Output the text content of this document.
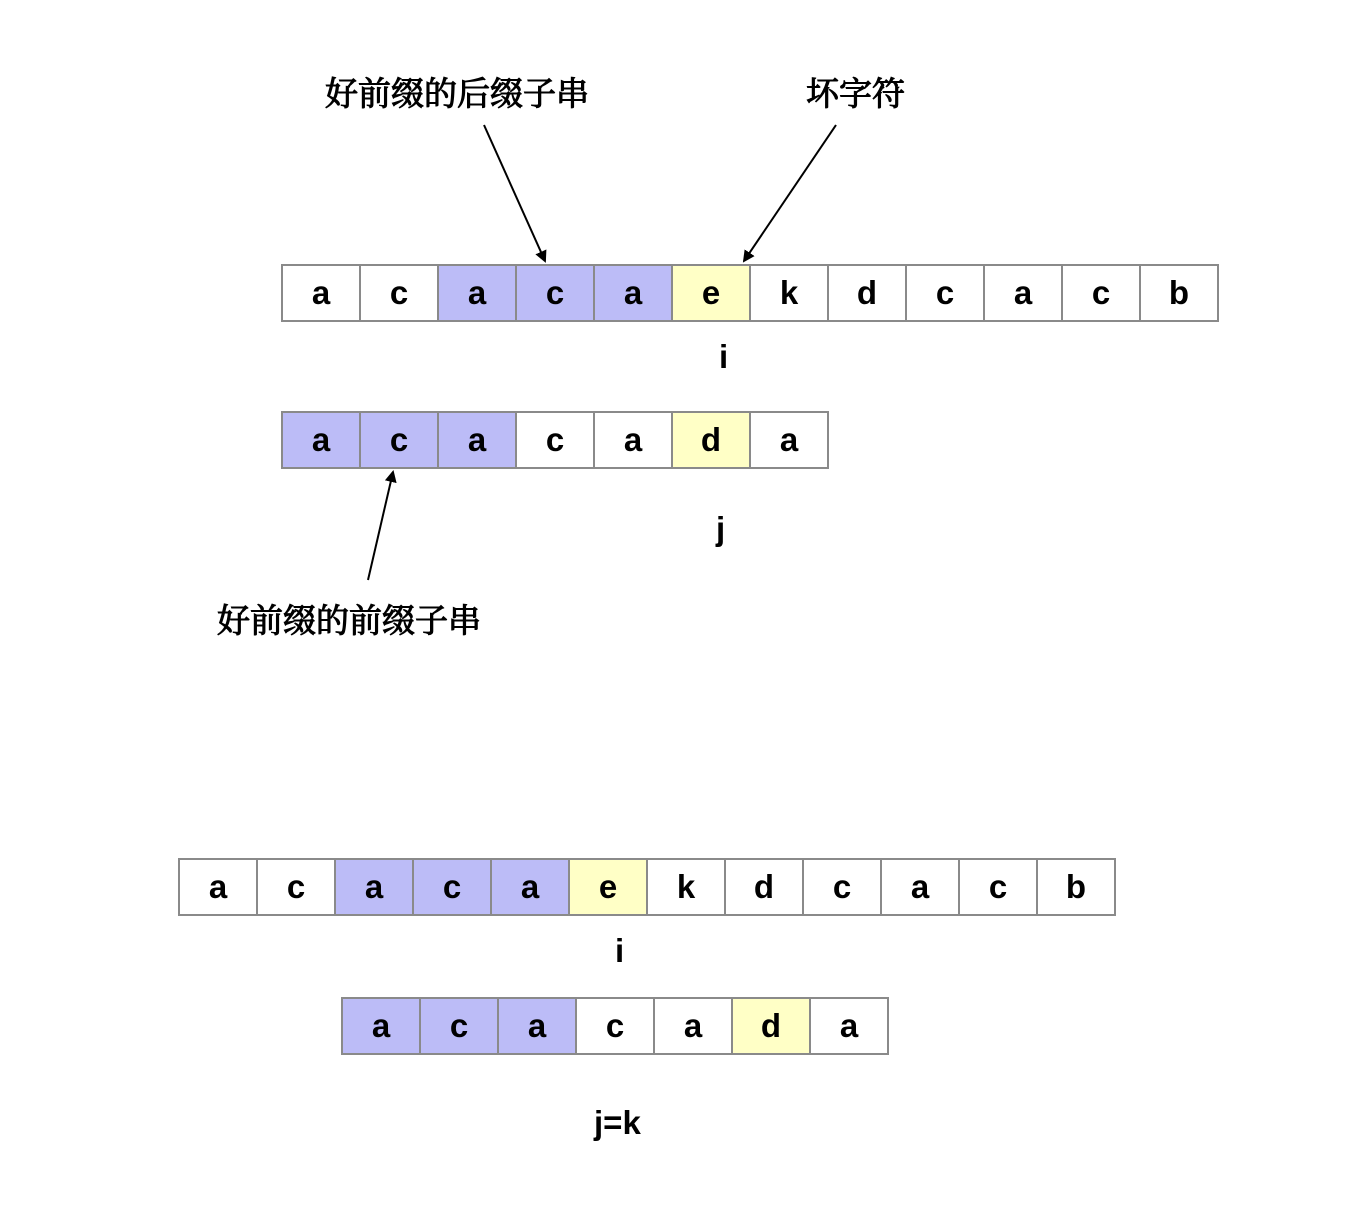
好前缀的后缀子串	坏字符
a	c	a	c	a	e	k	d	c	a	c	b
i
a	c	a	c	a	d	a
j
好前缀的前缀子串
a	c	a	c	a	e	k	d	c	a	c	b
i
a	c	a	c	a	d	a
j=k
